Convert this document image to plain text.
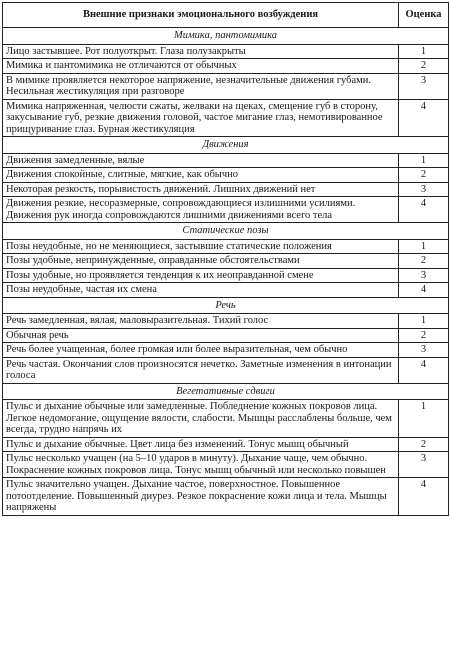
Внешние признаки эмоционального возбуждения	Оценка
Мимика, пантомимика	
Лицо застывшее. Рот полуоткрыт. Глаза полузакрыты	1
Мимика и пантомимика не отличаются от обычных	2
В мимике проявляется некоторое напряжение, незначительные движения губами. Несильная жестикуляция при разговоре	3
Мимика напряженная, челюсти сжаты, желваки на щеках, смещение губ в сторону, закусывание губ, резкие движения головой, частое мигание глаз, немотивированное прищуривание глаз. Бурная жестикуляция	4
Движения	
Движения замедленные, вялые	1
Движения спокойные, слитные, мягкие, как обычно	2
Некоторая резкость, порывистость движений. Лишних движений нет	3
Движения резкие, несоразмерные, сопровождающиеся излишними усилиями. Движения рук иногда сопровождаются лишними движениями всего тела	4
Статические позы	
Позы неудобные, но не меняющиеся, застывшие статические положения	1
Позы удобные, непринужденные, оправданные обстоятельствами	2
Позы удобные, но проявляется тенденция к их неоправданной смене	3
Позы неудобные, частая их смена	4
Речь	
Речь замедленная, вялая, маловыразительная. Тихий голос	1
Обычная речь	2
Речь более учащенная, более громкая или более выразительная, чем обычно	3
Речь частая. Окончания слов произносятся нечетко. Заметные изменения в интонации голоса	4
Вегетативные сдвиги	
Пульс и дыхание обычные или замедленные. Побледнение кожных покровов лица. Легкое недомогание, ощущение вялости, слабости. Мышцы расслаблены больше, чем всегда, трудно напрячь их	1
Пульс и дыхание обычные. Цвет лица без изменений. Тонус мышц обычный	2
Пульс несколько учащен (на 5–10 ударов в минуту). Дыхание чаще, чем обычно. Покраснение кожных покровов лица. Тонус мышц обычный или несколько повышен	3
Пульс значительно учащен. Дыхание частое, поверхностное. Повышенное потоотделение. Повышенный диурез. Резкое покраснение кожи лица и тела. Мышцы напряжены	4
